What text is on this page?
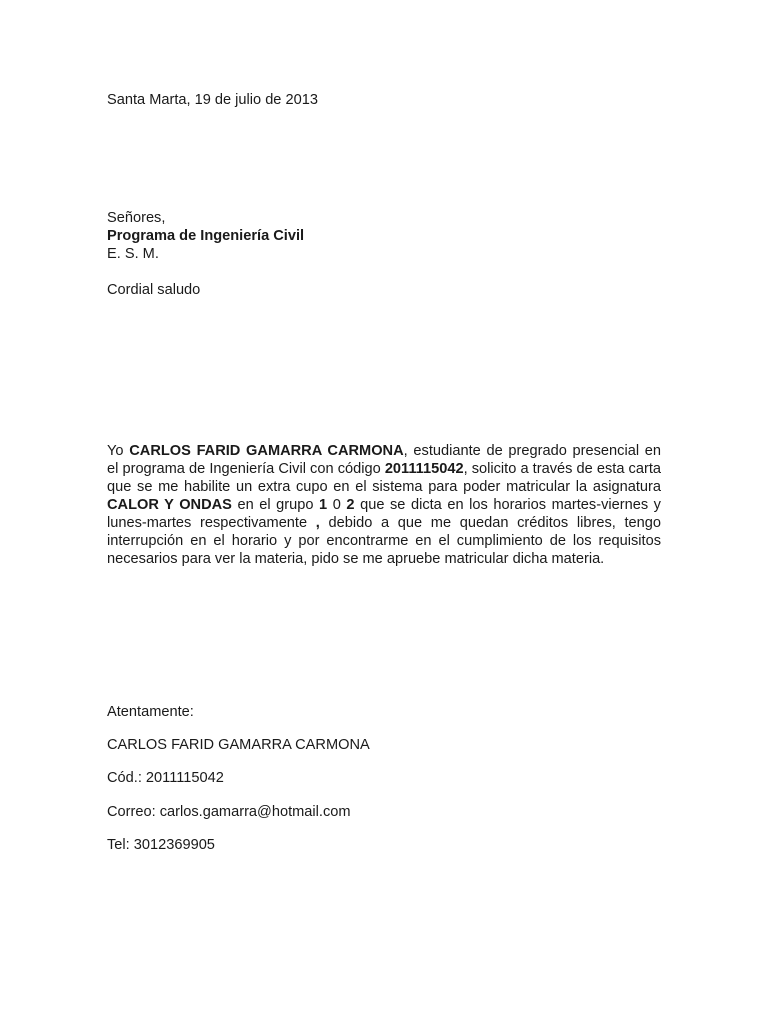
Santa Marta, 19 de julio de 2013
Señores,
Programa de Ingeniería Civil
E. S. M.
Cordial saludo
Yo CARLOS FARID GAMARRA CARMONA, estudiante de pregrado presencial en el programa de Ingeniería Civil con código 2011115042, solicito a través de esta carta que se me habilite un extra cupo en el sistema para poder matricular la asignatura CALOR Y ONDAS en el grupo 1 0 2 que se dicta en los horarios martes-viernes y lunes-martes respectivamente , debido a que me quedan créditos libres, tengo interrupción en el horario y por encontrarme en el cumplimiento de los requisitos necesarios para ver la materia, pido se me apruebe matricular dicha materia.
Atentamente:
CARLOS FARID GAMARRA CARMONA
Cód.: 2011115042
Correo: carlos.gamarra@hotmail.com
Tel: 3012369905
